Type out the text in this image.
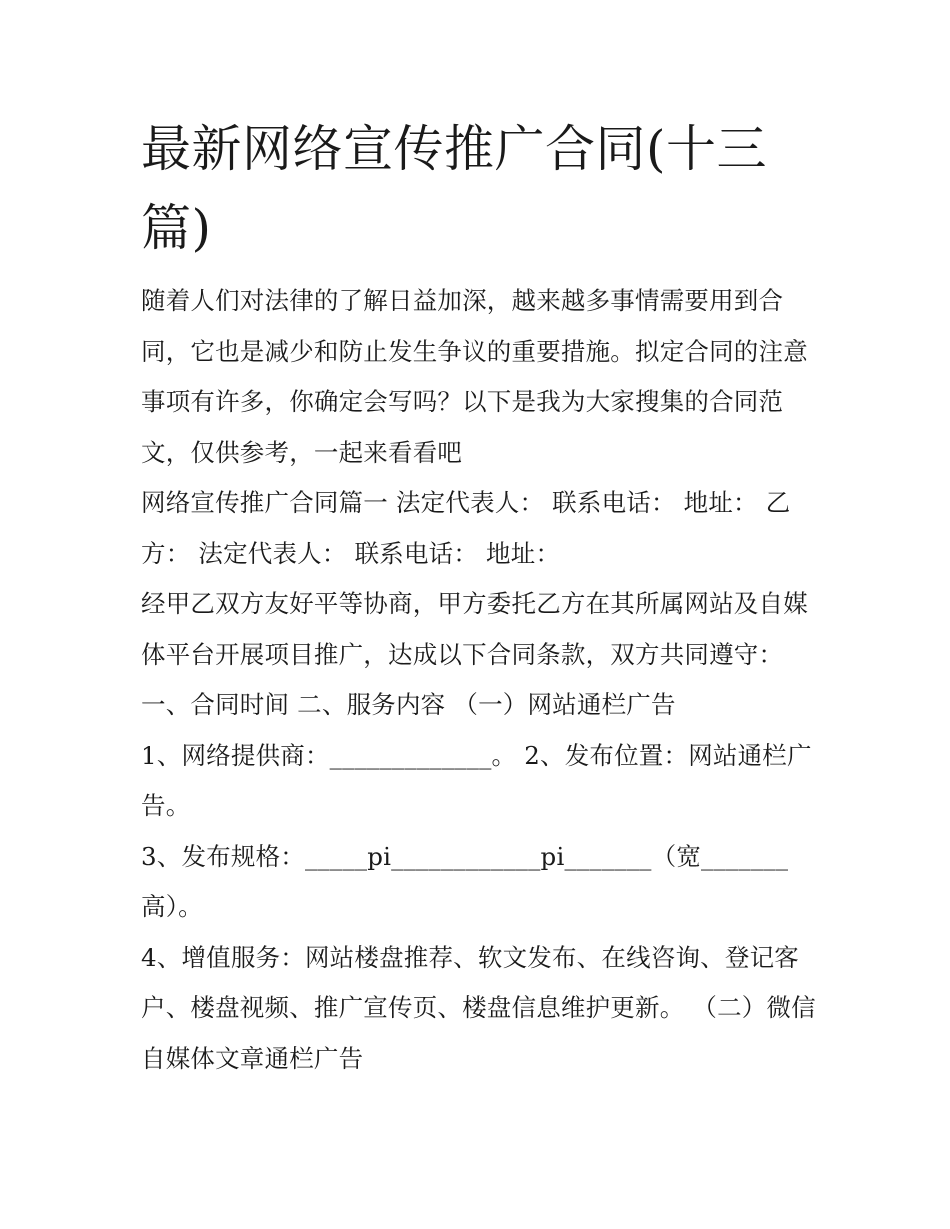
最新网络宣传推广合同(十三篇)

随着人们对法律的了解日益加深，越来越多事情需要用到合同，它也是减少和防止发生争议的重要措施。拟定合同的注意事项有许多，你确定会写吗？以下是我为大家搜集的合同范文，仅供参考，一起来看看吧

网络宣传推广合同篇一 法定代表人： 联系电话： 地址： 乙方： 法定代表人： 联系电话： 地址：

经甲乙双方友好平等协商，甲方委托乙方在其所属网站及自媒体平台开展项目推广，达成以下合同条款，双方共同遵守：

一、合同时间 二、服务内容 （一）网站通栏广告

1、网络提供商：_____________。 2、发布位置：网站通栏广告。

3、发布规格：_____pi____________pi_______（宽_______高）。

4、增值服务：网站楼盘推荐、软文发布、在线咨询、登记客户、楼盘视频、推广宣传页、楼盘信息维护更新。 （二）微信自媒体文章通栏广告
